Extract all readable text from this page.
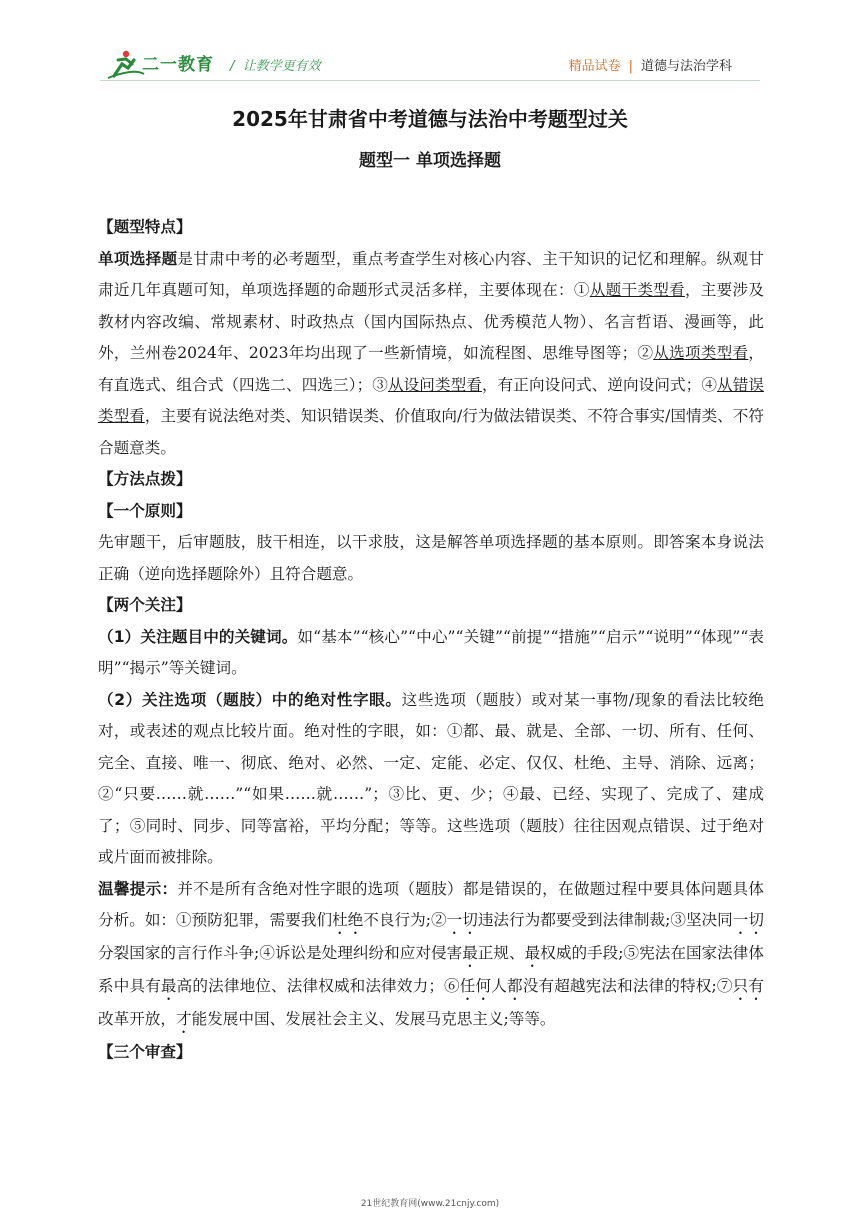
二一教育 /  让教学更有效	精品试卷 | 道德与法治学科
2025年甘肃省中考道德与法治中考题型过关
题型一 单项选择题

【题型特点】

单项选择题是甘肃中考的必考题型，重点考查学生对核心内容、主干知识的记忆和理解。纵观甘肃近几年真题可知，单项选择题的命题形式灵活多样，主要体现在：①从题干类型看，主要涉及教材内容改编、常规素材、时政热点（国内国际热点、优秀模范人物）、名言哲语、漫画等，此外，兰州卷2024年、2023年均出现了一些新情境，如流程图、思维导图等；②从选项类型看，有直选式、组合式（四选二、四选三）；③从设问类型看，有正向设问式、逆向设问式；④从错误类型看，主要有说法绝对类、知识错误类、价值取向/行为做法错误类、不符合事实/国情类、不符合题意类。

【方法点拨】

【一个原则】

先审题干，后审题肢，肢干相连，以干求肢，这是解答单项选择题的基本原则。即答案本身说法正确（逆向选择题除外）且符合题意。

【两个关注】

（1）关注题目中的关键词。如“基本”“核心”“中心”“关键”“前提”“措施”“启示”“说明”“体现”“表明”“揭示”等关键词。

（2）关注选项（题肢）中的绝对性字眼。这些选项（题肢）或对某一事物/现象的看法比较绝对，或表述的观点比较片面。绝对性的字眼，如：①都、最、就是、全部、一切、所有、任何、完全、直接、唯一、彻底、绝对、必然、一定、定能、必定、仅仅、杜绝、主导、消除、远离；②“只要……就……”“如果……就……”；③比、更、少；④最、已经、实现了、完成了、建成了；⑤同时、同步、同等富裕，平均分配；等等。这些选项（题肢）往往因观点错误、过于绝对或片面而被排除。

温馨提示：并不是所有含绝对性字眼的选项（题肢）都是错误的，在做题过程中要具体问题具体分析。如：①预防犯罪，需要我们杜绝不良行为;②一切违法行为都要受到法律制裁;③坚决同一切分裂国家的言行作斗争;④诉讼是处理纠纷和应对侵害最正规、最权威的手段;⑤宪法在国家法律体系中具有最高的法律地位、法律权威和法律效力；⑥任何人都没有超越宪法和法律的特权;⑦只有改革开放，才能发展中国、发展社会主义、发展马克思主义;等等。

【三个审查】

21世纪教育网(www.21cnjy.com)
